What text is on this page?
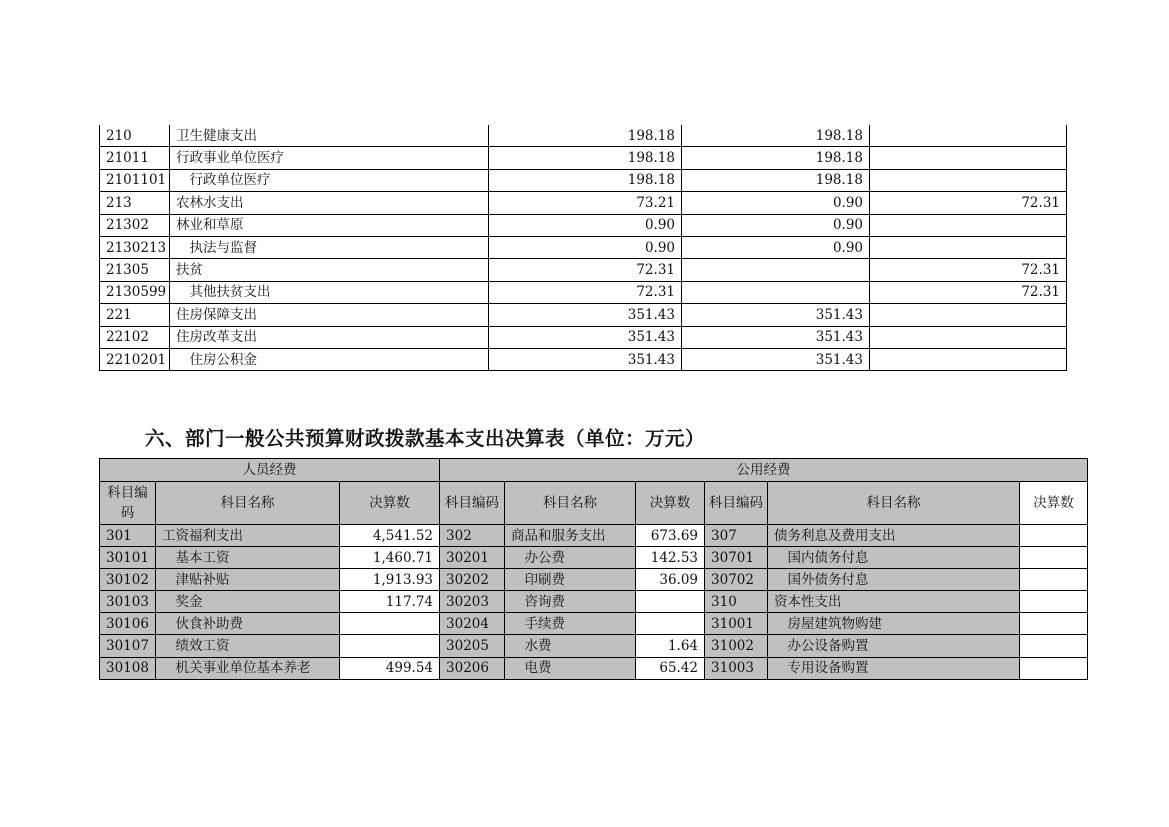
210	卫生健康支出	198.18	198.18	
21011	行政事业单位医疗	198.18	198.18	
2101101	　行政单位医疗	198.18	198.18	
213	农林水支出	73.21	0.90	72.31
21302	林业和草原	0.90	0.90	
2130213	　执法与监督	0.90	0.90	
21305	扶贫	72.31		72.31
2130599	　其他扶贫支出	72.31		72.31
221	住房保障支出	351.43	351.43	
22102	住房改革支出	351.43	351.43	
2210201	　住房公积金	351.43	351.43	
六、部门一般公共预算财政拨款基本支出决算表（单位：万元）
人员经费			公用经费					
科目编码	科目名称	决算数	科目编码	科目名称	决算数	科目编码	科目名称	决算数
301	工资福利支出	4,541.52	302	商品和服务支出	673.69	307	债务利息及费用支出	
30101	　基本工资	1,460.71	30201	　办公费	142.53	30701	　国内债务付息	
30102	　津贴补贴	1,913.93	30202	　印刷费	36.09	30702	　国外债务付息	
30103	　奖金	117.74	30203	　咨询费		310	资本性支出	
30106	　伙食补助费		30204	　手续费		31001	　房屋建筑物购建	
30107	　绩效工资		30205	　水费	1.64	31002	　办公设备购置	
30108	　机关事业单位基本养老	499.54	30206	　电费	65.42	31003	　专用设备购置	
